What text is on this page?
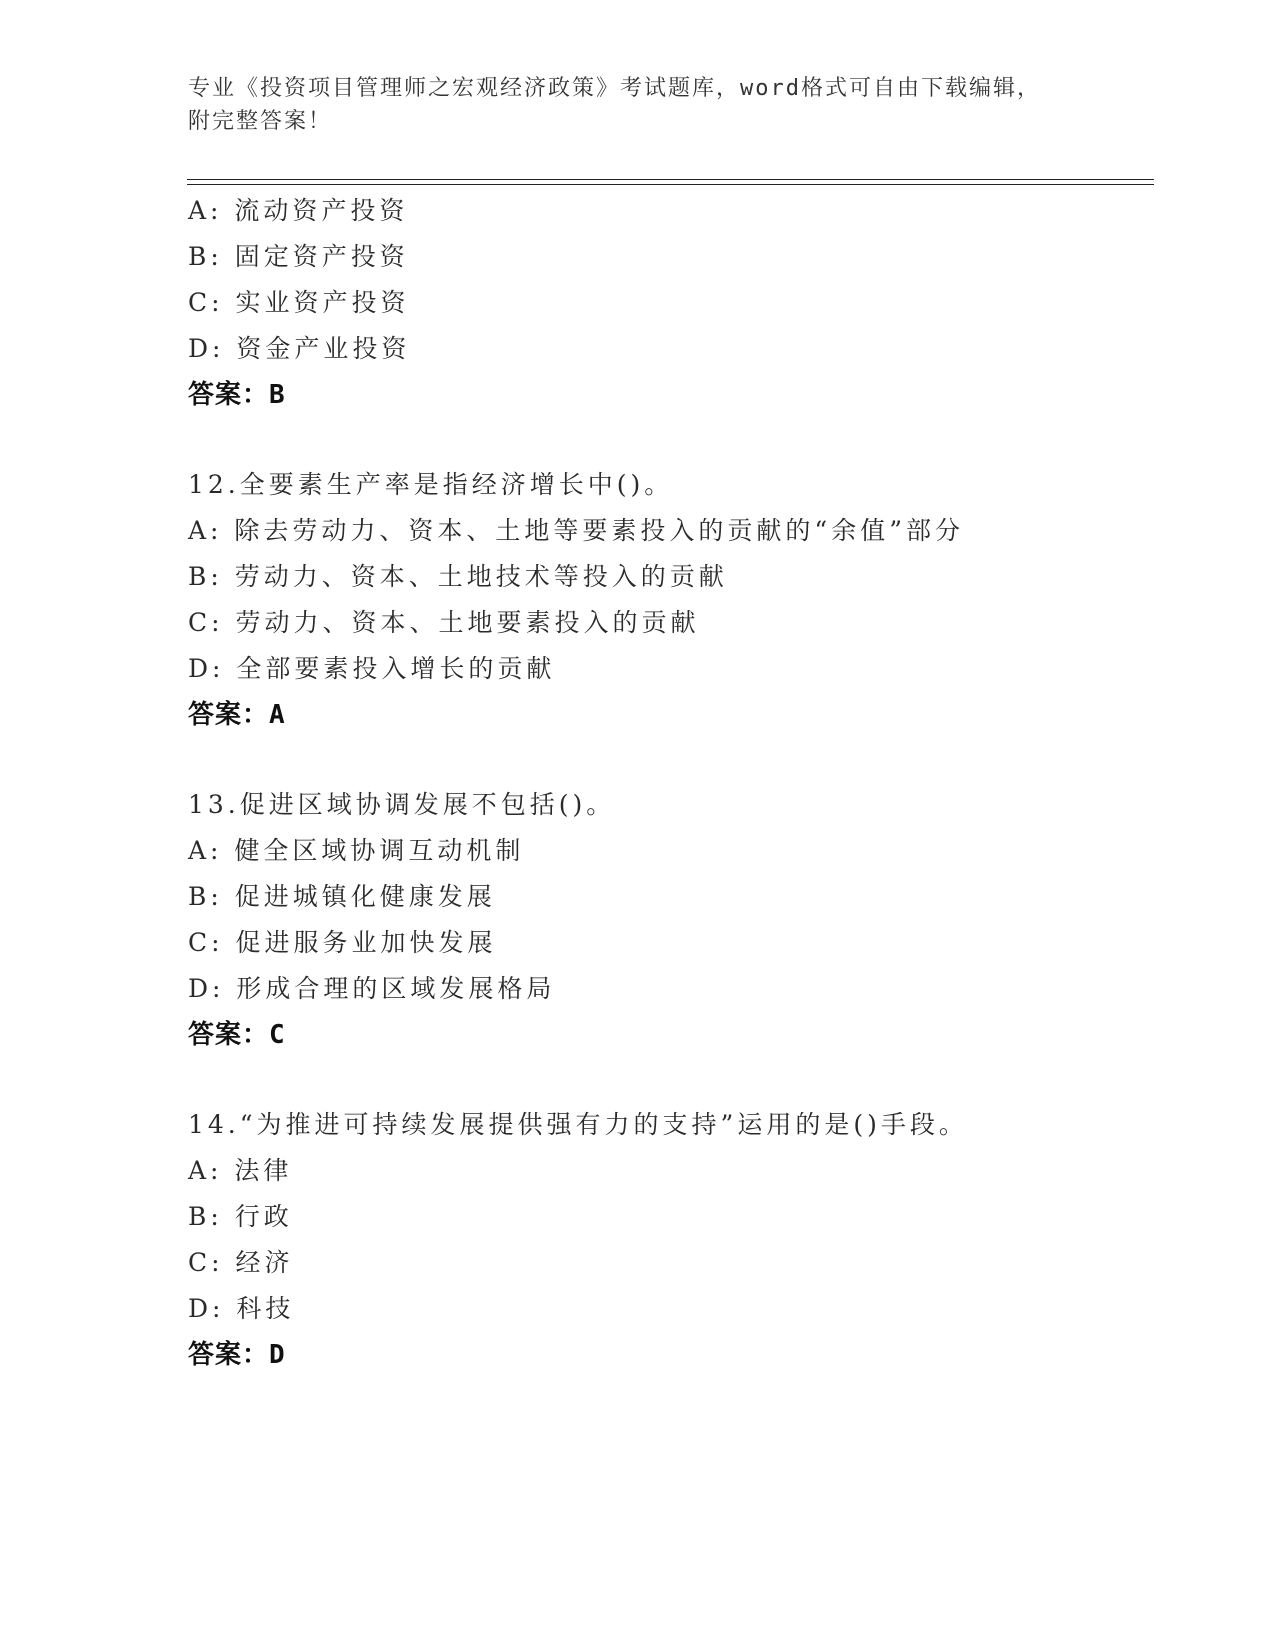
专业《投资项目管理师之宏观经济政策》考试题库，word格式可自由下载编辑，
附完整答案！
A: 流动资产投资
B: 固定资产投资
C: 实业资产投资
D: 资金产业投资
答案：B
12.全要素生产率是指经济增长中()。
A: 除去劳动力、资本、土地等要素投入的贡献的“余值”部分
B: 劳动力、资本、土地技术等投入的贡献
C: 劳动力、资本、土地要素投入的贡献
D: 全部要素投入增长的贡献
答案：A
13.促进区域协调发展不包括()。
A: 健全区域协调互动机制
B: 促进城镇化健康发展
C: 促进服务业加快发展
D: 形成合理的区域发展格局
答案：C
14.“为推进可持续发展提供强有力的支持”运用的是()手段。
A: 法律
B: 行政
C: 经济
D: 科技
答案：D
